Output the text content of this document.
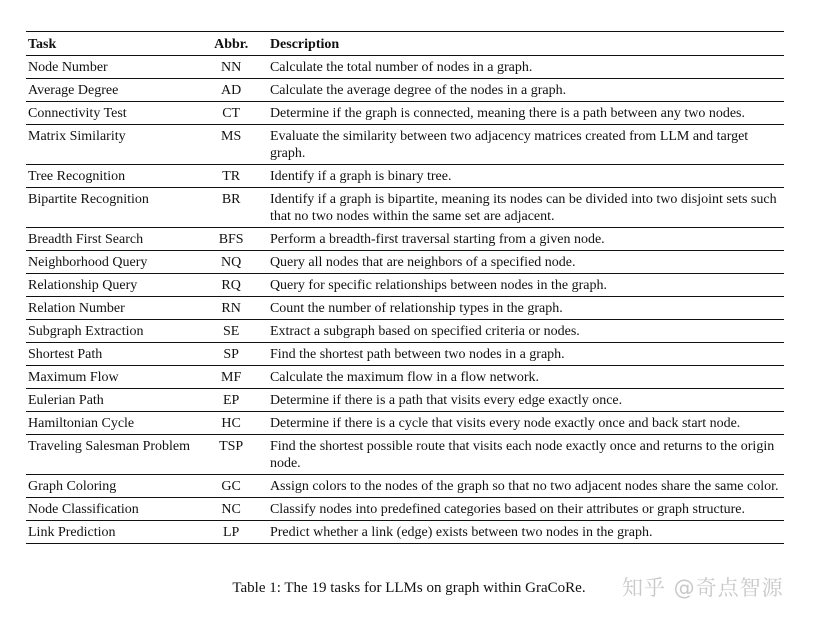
Task	Abbr.	Description
Node Number	NN	Calculate the total number of nodes in a graph.
Average Degree	AD	Calculate the average degree of the nodes in a graph.
Connectivity Test	CT	Determine if the graph is connected, meaning there is a path between any two nodes.
Matrix Similarity	MS	Evaluate the similarity between two adjacency matrices created from LLM and target graph.
Tree Recognition	TR	Identify if a graph is binary tree.
Bipartite Recognition	BR	Identify if a graph is bipartite, meaning its nodes can be divided into two disjoint sets such that no two nodes within the same set are adjacent.
Breadth First Search	BFS	Perform a breadth-first traversal starting from a given node.
Neighborhood Query	NQ	Query all nodes that are neighbors of a specified node.
Relationship Query	RQ	Query for specific relationships between nodes in the graph.
Relation Number	RN	Count the number of relationship types in the graph.
Subgraph Extraction	SE	Extract a subgraph based on specified criteria or nodes.
Shortest Path	SP	Find the shortest path between two nodes in a graph.
Maximum Flow	MF	Calculate the maximum flow in a flow network.
Eulerian Path	EP	Determine if there is a path that visits every edge exactly once.
Hamiltonian Cycle	HC	Determine if there is a cycle that visits every node exactly once and back start node.
Traveling Salesman Problem	TSP	Find the shortest possible route that visits each node exactly once and returns to the origin node.
Graph Coloring	GC	Assign colors to the nodes of the graph so that no two adjacent nodes share the same color.
Node Classification	NC	Classify nodes into predefined categories based on their attributes or graph structure.
Link Prediction	LP	Predict whether a link (edge) exists between two nodes in the graph.
Table 1: The 19 tasks for LLMs on graph within GraCoRe.	知乎 @奇点智源
